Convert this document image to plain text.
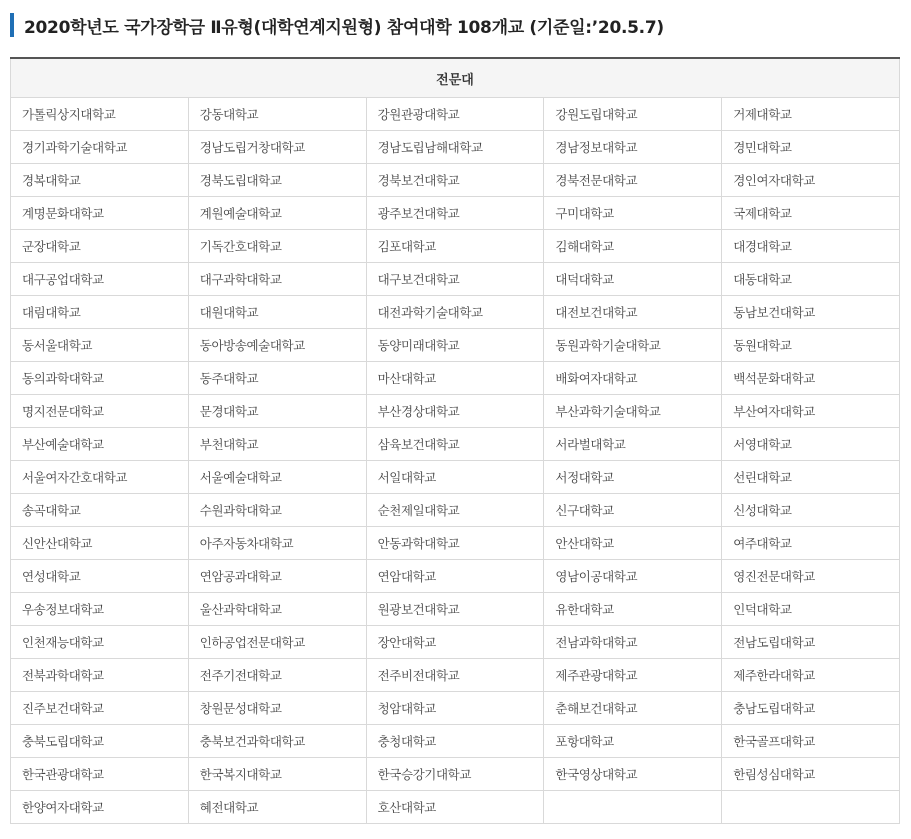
2020학년도 국가장학금 Ⅱ유형(대학연계지원형) 참여대학 108개교 (기준일:’20.5.7)
전문대				
가톨릭상지대학교	강동대학교	강원관광대학교	강원도립대학교	거제대학교
경기과학기술대학교	경남도립거창대학교	경남도립남해대학교	경남정보대학교	경민대학교
경복대학교	경북도립대학교	경북보건대학교	경북전문대학교	경인여자대학교
계명문화대학교	계원예술대학교	광주보건대학교	구미대학교	국제대학교
군장대학교	기독간호대학교	김포대학교	김해대학교	대경대학교
대구공업대학교	대구과학대학교	대구보건대학교	대덕대학교	대동대학교
대림대학교	대원대학교	대전과학기술대학교	대전보건대학교	동남보건대학교
동서울대학교	동아방송예술대학교	동양미래대학교	동원과학기술대학교	동원대학교
동의과학대학교	동주대학교	마산대학교	배화여자대학교	백석문화대학교
명지전문대학교	문경대학교	부산경상대학교	부산과학기술대학교	부산여자대학교
부산예술대학교	부천대학교	삼육보건대학교	서라벌대학교	서영대학교
서울여자간호대학교	서울예술대학교	서일대학교	서정대학교	선린대학교
송곡대학교	수원과학대학교	순천제일대학교	신구대학교	신성대학교
신안산대학교	아주자동차대학교	안동과학대학교	안산대학교	여주대학교
연성대학교	연암공과대학교	연암대학교	영남이공대학교	영진전문대학교
우송정보대학교	울산과학대학교	원광보건대학교	유한대학교	인덕대학교
인천재능대학교	인하공업전문대학교	장안대학교	전남과학대학교	전남도립대학교
전북과학대학교	전주기전대학교	전주비전대학교	제주관광대학교	제주한라대학교
진주보건대학교	창원문성대학교	청암대학교	춘해보건대학교	충남도립대학교
충북도립대학교	충북보건과학대학교	충청대학교	포항대학교	한국골프대학교
한국관광대학교	한국복지대학교	한국승강기대학교	한국영상대학교	한림성심대학교
한양여자대학교	혜전대학교	호산대학교		
